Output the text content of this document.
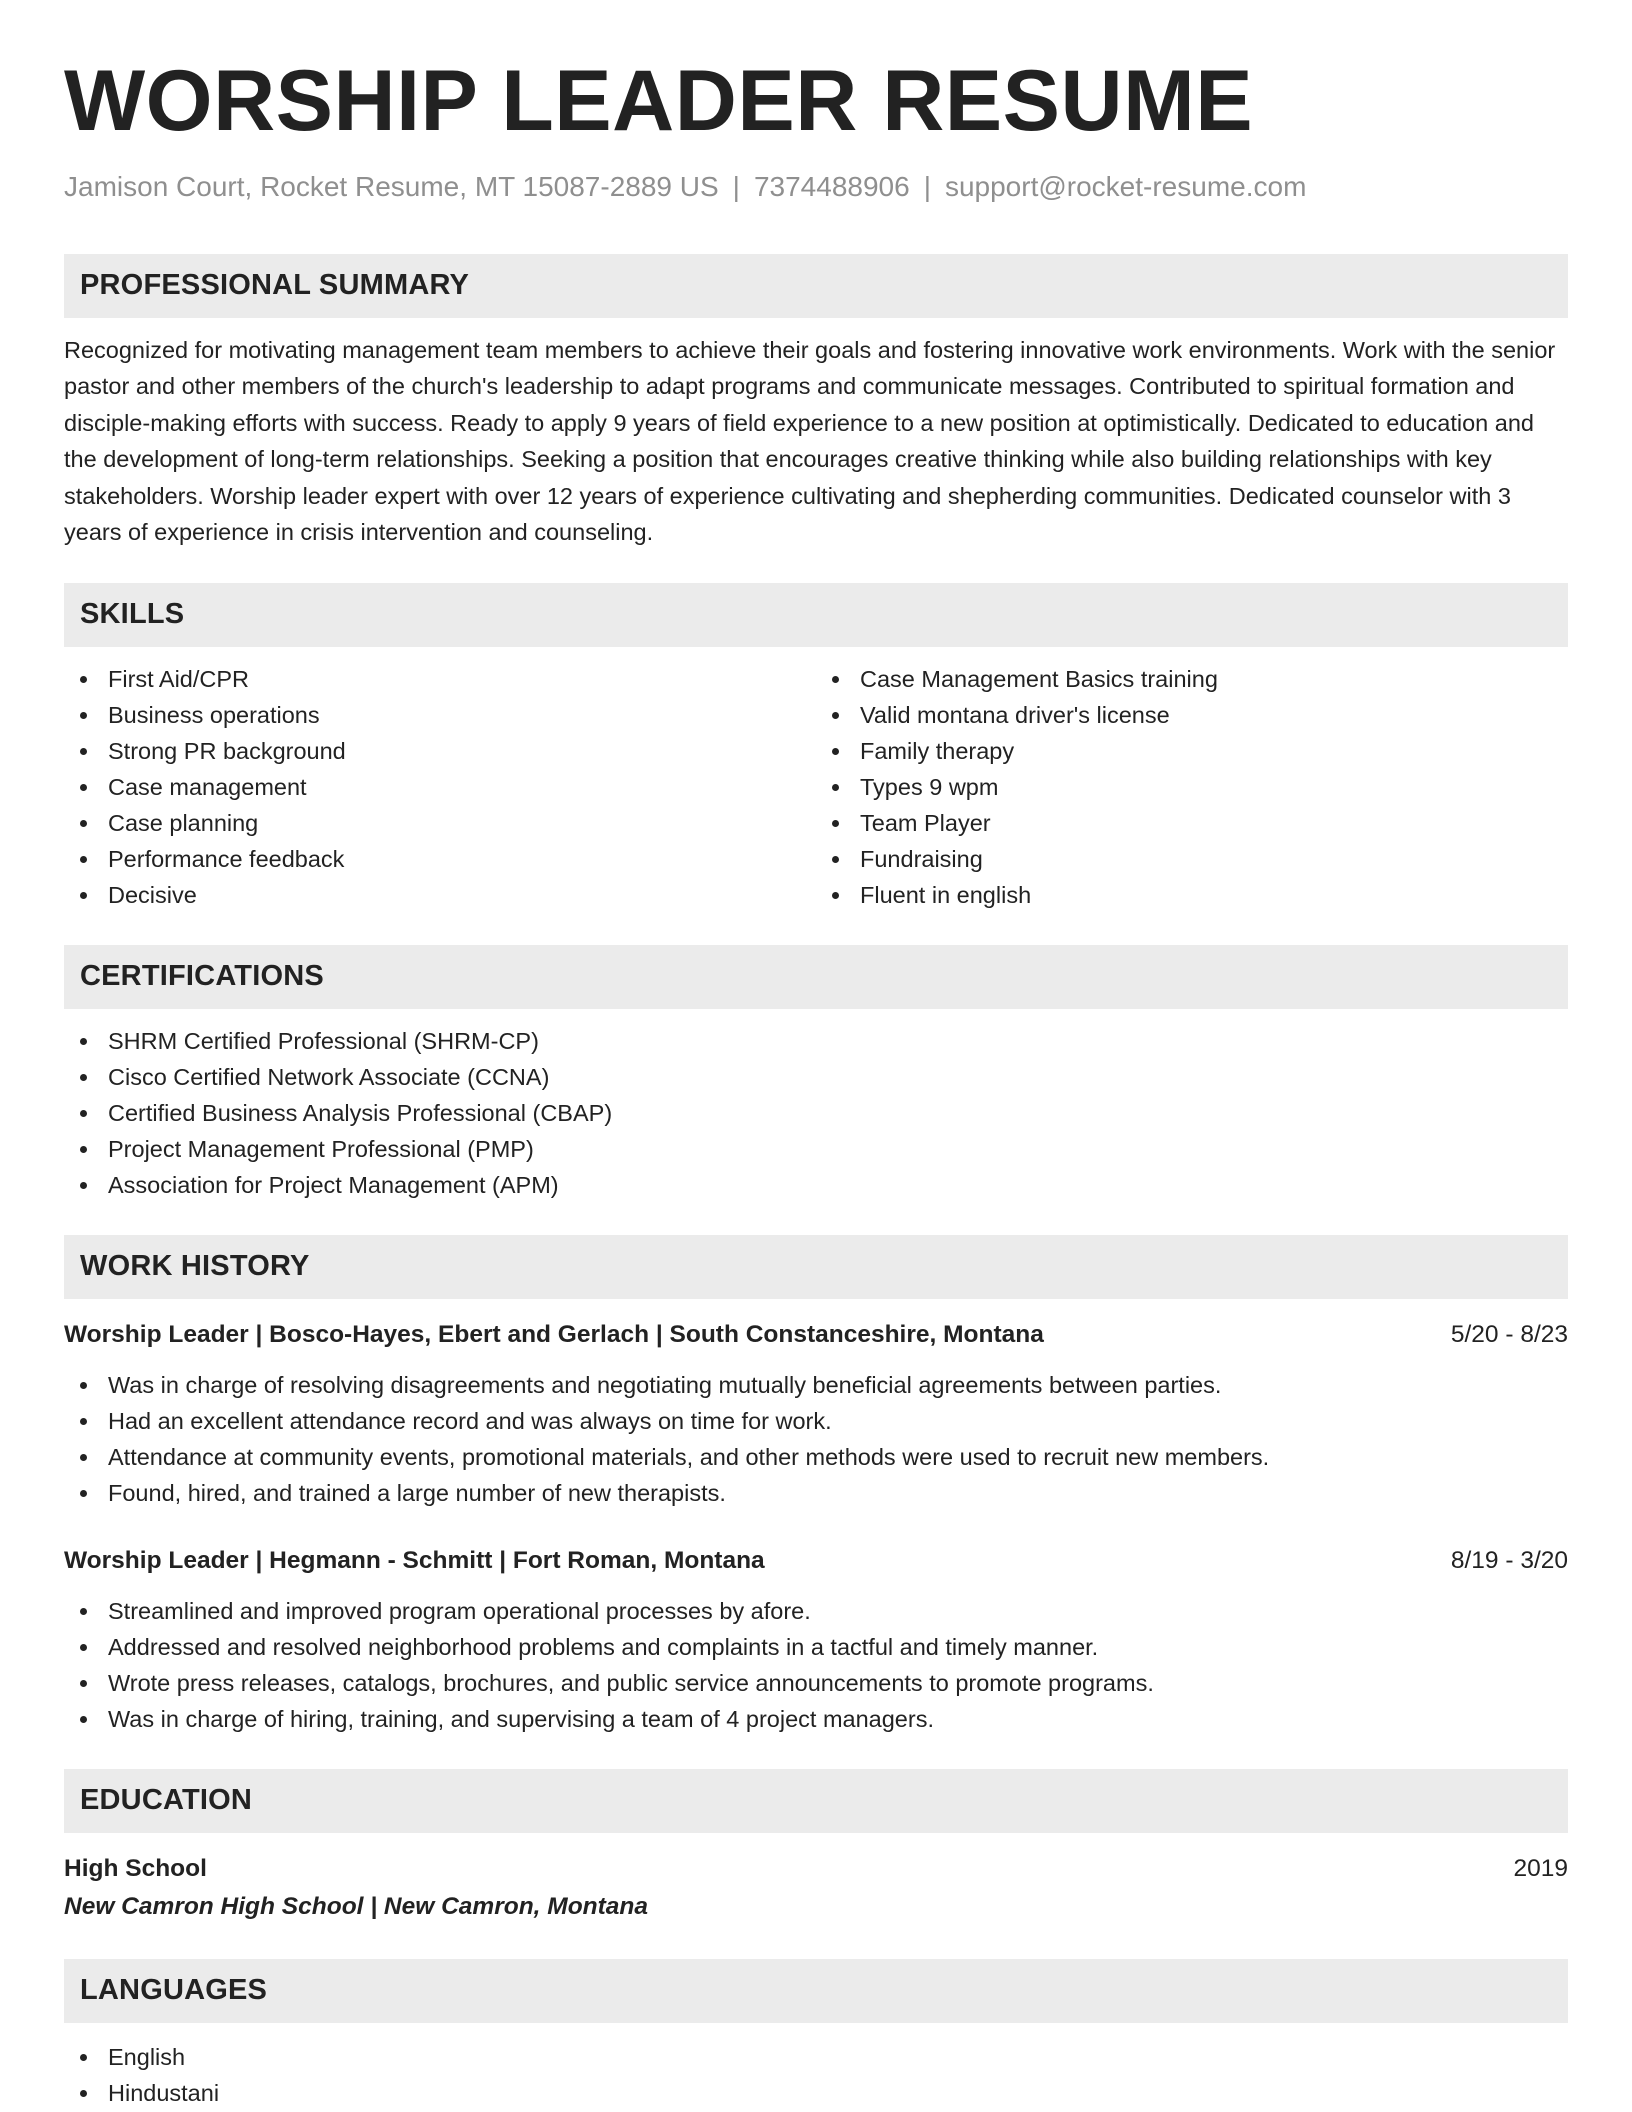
WORSHIP LEADER RESUME
Jamison Court, Rocket Resume, MT 15087-2889 US | 7374488906 | support@rocket-resume.com
PROFESSIONAL SUMMARY

Recognized for motivating management team members to achieve their goals and fostering innovative work environments. Work with the senior pastor and other members of the church's leadership to adapt programs and communicate messages. Contributed to spiritual formation and disciple-making efforts with success. Ready to apply 9 years of field experience to a new position at optimistically. Dedicated to education and the development of long-term relationships. Seeking a position that encourages creative thinking while also building relationships with key stakeholders. Worship leader expert with over 12 years of experience cultivating and shepherding communities. Dedicated counselor with 3 years of experience in crisis intervention and counseling.

SKILLS
First Aid/CPR
Business operations
Strong PR background
Case management
Case planning
Performance feedback
Decisive
Case Management Basics training
Valid montana driver's license
Family therapy
Types 9 wpm
Team Player
Fundraising
Fluent in english
CERTIFICATIONS
SHRM Certified Professional (SHRM-CP)
Cisco Certified Network Associate (CCNA)
Certified Business Analysis Professional (CBAP)
Project Management Professional (PMP)
Association for Project Management (APM)
WORK HISTORY
Worship Leader | Bosco-Hayes, Ebert and Gerlach | South Constanceshire, Montana	5/20 - 8/23
Was in charge of resolving disagreements and negotiating mutually beneficial agreements between parties.
Had an excellent attendance record and was always on time for work.
Attendance at community events, promotional materials, and other methods were used to recruit new members.
Found, hired, and trained a large number of new therapists.
Worship Leader | Hegmann - Schmitt | Fort Roman, Montana	8/19 - 3/20
Streamlined and improved program operational processes by afore.
Addressed and resolved neighborhood problems and complaints in a tactful and timely manner.
Wrote press releases, catalogs, brochures, and public service announcements to promote programs.
Was in charge of hiring, training, and supervising a team of 4 project managers.
EDUCATION
High School	2019
New Camron High School | New Camron, Montana
LANGUAGES
English
Hindustani
